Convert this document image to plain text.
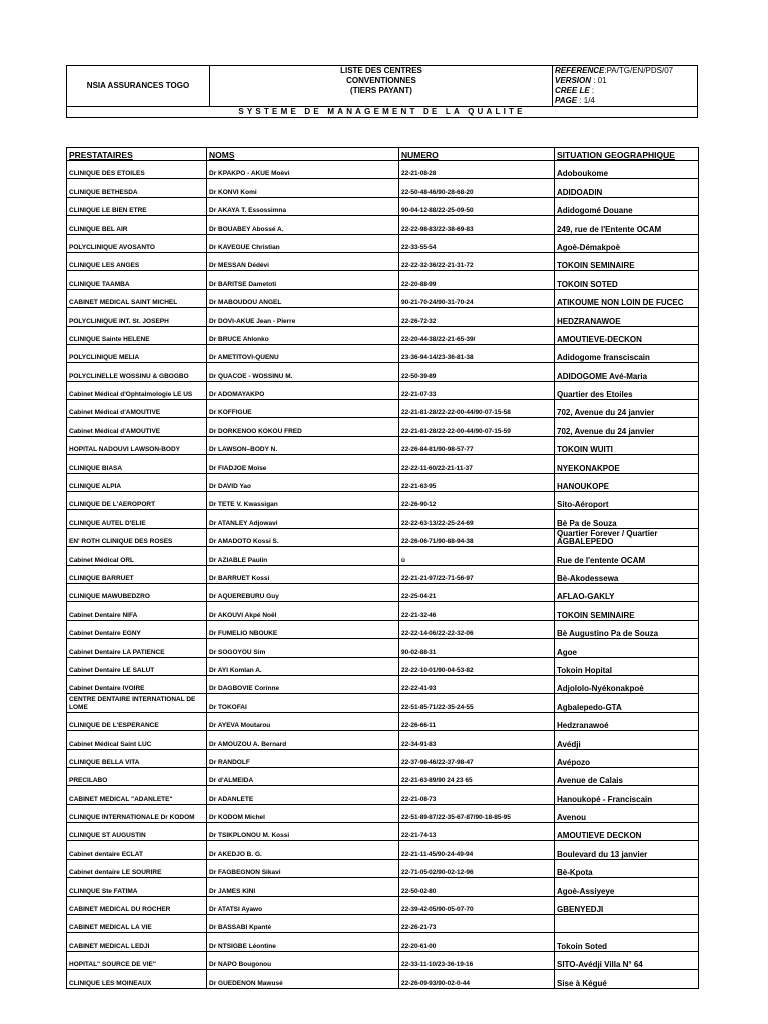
NSIA ASSURANCES TOGO	LISTE DES CENTRES	REFERENCE:PA/TG/EN/PDS/07
	CONVENTIONNES	VERSION : 01
	(TIERS PAYANT)	CREE LE :
		PAGE : 1/4
SYSTEME DE MANAGEMENT DE LA QUALITE		
PRESTATAIRES	NOMS	NUMERO	SITUATION GEOGRAPHIQUE
CLINIQUE DES ETOILES	Dr KPAKPO - AKUE Moèvi	22-21-08-28	Adoboukome
CLINIQUE BETHESDA	Dr KONVI Komi	22-50-48-46/90-28-68-20	ADIDOADIN
CLINIQUE LE BIEN ETRE	Dr AKAYA T. Essossimna	90-04-12-88/22-25-09-50	Adidogomé Douane
CLINIQUE BEL AIR	Dr BOUABEY Abossé A.	22-22-98-83/22-38-69-83	249, rue de l'Entente OCAM
POLYCLINIQUE AVOSANTO	Dr KAVEGUE Christian	22-33-55-54	Agoè-Démakpoè
CLINIQUE LES ANGES	Dr MESSAN Dédévi	22-22-32-36/22-21-31-72	TOKOIN SEMINAIRE
CLINIQUE TAAMBA	Dr BARITSE Dametoti	22-20-88-99	TOKOIN SOTED
CABINET MEDICAL SAINT MICHEL	Dr MABOUDOU ANGEL	90-21-70-24/90-31-70-24	ATIKOUME NON LOIN DE FUCEC
POLYCLINIQUE INT. St. JOSEPH	Dr DOVI-AKUE Jean - Pierre	22-26-72-32	HEDZRANAWOE
CLINIQUE Sainte HELENE	Dr BRUCE Ahlonko	22-20-44-38/22-21-65-39/	AMOUTIEVE-DECKON
POLYCLINIQUE MELIA	Dr AMETITOVI-QUENU	23-36-94-14/23-36-81-38	Adidogome fransciscain
POLYCLINELLE WOSSINU & GBOGBO	Dr QUACOE - WOSSINU M.	22-50-39-89	ADIDOGOME Avé-Maria
Cabinet Médical d'Ophtalmologie LE US	Dr ADOMAYAKPO	22-21-07-33	Quartier des Etoiles
Cabinet Médical d'AMOUTIVE	Dr KOFFIGUE	22-21-81-28/22-22-00-44/90-07-15-58	702, Avenue du 24 janvier
Cabinet Médical d'AMOUTIVE	Dr DORKENOO KOKOU FRED	22-21-81-28/22-22-00-44/90-07-15-59	702, Avenue du 24 janvier
HOPITAL NADOUVI LAWSON-BODY	Dr LAWSON–BODY N.	22-26-84-81/90-98-57-77	TOKOIN WUITI
CLINIQUE BIASA	Dr FIADJOE Moïse	22-22-11-60/22-21-11-37	NYEKONAKPOE
CLINIQUE ALPIA	Dr DAVID Yao	22-21-63-95	HANOUKOPE
CLINIQUE DE L'AEROPORT	Dr TETE V. Kwassigan	22-26-90-12	Sito-Aéroport
CLINIQUE AUTEL D'ELIE	Dr ATANLEY Adjowavi	22-22-63-13/22-25-24-69	Bè Pa de Souza
EN' ROTH CLINIQUE DES ROSES	Dr AMADOTO Kossi S.	22-26-06-71/90-88-94-38	Quartier Forever / Quartier AGBALEPEDO
Cabinet Médical ORL	Dr AZIABLE Paulin	ù	Rue de l'entente OCAM
CLINIQUE BARRUET	Dr BARRUET Kossi	22-21-21-97/22-71-56-97	Bè-Akodessewa
CLINIQUE MAWUBEDZRO	Dr AQUEREBURU Guy	22-25-04-21	AFLAO-GAKLY
Cabinet Dentaire NIFA	Dr AKOUVI Akpé Noël	22-21-32-46	TOKOIN SEMINAIRE
Cabinet Dentaire EGNY	Dr FUMELIO NBOUKE	22-22-14-06/22-22-32-06	Bè Augustino Pa de Souza
Cabinet Dentaire LA PATIENCE	Dr SOGOYOU Sim	90-02-88-31	Agoe
Cabinet Dentaire LE SALUT	Dr AYI Komlan A.	22-22-10-01/90-04-53-82	Tokoin Hopital
Cabinet Dentaire IVOIRE	Dr DAGBOVIE Corinne	22-22-41-93	Adjololo-Nyékonakpoè
CENTRE DENTAIRE INTERNATIONAL DE LOME	Dr TOKOFAI	22-51-85-71/22-35-24-55	Agbalepedo-GTA
CLINIQUE DE L'ESPERANCE	Dr AYEVA Moutarou	22-26-66-11	Hedzranawoé
Cabinet Médical Saint LUC	Dr AMOUZOU A. Bernard	22-34-91-83	Avédji
CLINIQUE BELLA VITA	Dr RANDOLF	22-37-98-46/22-37-98-47	Avépozo
PRECILABO	Dr d'ALMEIDA	22-21-63-89/90 24 23 65	Avenue de Calais
CABINET MEDICAL "ADANLETE"	Dr ADANLETE	22-21-08-73	Hanoukopé - Franciscain
CLINIQUE INTERNATIONALE Dr KODOM	Dr KODOM Michel	22-51-89-87/22-35-67-87/90-18-85-95	Avenou
CLINIQUE ST AUGUSTIN	Dr TSIKPLONOU M. Kossi	22-21-74-13	AMOUTIEVE DECKON
Cabinet dentaire ECLAT	Dr AKEDJO B. G.	22-21-11-45/90-24-49-94	Boulevard du 13 janvier
Cabinet dentaire LE SOURIRE	Dr FAGBEGNON Sikavi	22-71-05-02/90-02-12-96	Bè-Kpota
CLINIQUE Ste FATIMA	Dr JAMES KINI	22-50-02-80	Agoè-Assiyeye
CABINET MEDICAL DU ROCHER	Dr ATATSI Ayawo	22-39-42-05/90-05-07-70	GBENYEDJI
CABINET MEDICAL LA VIE	Dr BASSABI Kpanté	22-26-21-73	
CABINET MEDICAL LEDJI	Dr NTSIGBE Léontine	22-20-61-00	Tokoin Soted
HOPITAL" SOURCE DE VIE"	Dr NAPO Bougonou	22-33-11-10/23-36-19-16	SITO-Avédji Villa N° 64
CLINIQUE LES MOINEAUX	Dr GUEDENON Mawusé	22-26-09-93/90-02-0-44	Sise à Kégué
